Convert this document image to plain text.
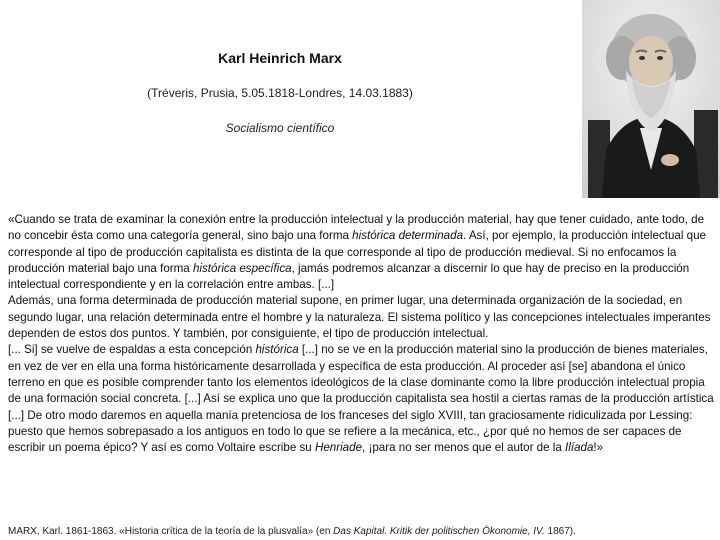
Karl Heinrich Marx
(Tréveris, Prusia, 5.05.1818-Londres, 14.03.1883)
Socialismo científico

«Cuando se trata de examinar la conexión entre la producción intelectual y la producción material, hay que tener cuidado, ante todo, de no concebir ésta como una categoría general, sino bajo una forma histórica determinada. Así, por ejemplo, la producción intelectual que corresponde al tipo de producción capitalista es distinta de la que corresponde al tipo de producción medieval. Si no enfocamos la producción material bajo una forma histórica específica, jamás podremos alcanzar a discernir lo que hay de preciso en la producción intelectual correspondiente y en la correlación entre ambas. [...]

Además, una forma determinada de producción material supone, en primer lugar, una determinada organización de la sociedad, en segundo lugar, una relación determinada entre el hombre y la naturaleza. El sistema político y las concepciones intelectuales imperantes dependen de estos dos puntos. Y también, por consiguiente, el tipo de producción intelectual.

[... Si] se vuelve de espaldas a esta concepción histórica [...] no se ve en la producción material sino la producción de bienes materiales, en vez de ver en ella una forma históricamente desarrollada y específica de esta producción. Al proceder así [se] abandona el único terreno en que es posible comprender tanto los elementos ideológicos de la clase dominante como la libre producción intelectual propia de una formación social concreta. [...] Así se explica uno que la producción capitalista sea hostil a ciertas ramas de la producción artística [...] De otro modo daremos en aquella manía pretenciosa de los franceses del siglo XVIII, tan graciosamente ridiculizada por Lessing: puesto que hemos sobrepasado a los antiguos en todo lo que se refiere a la mecánica, etc., ¿por qué no hemos de ser capaces de escribir un poema épico? Y así es como Voltaire escribe su Henriade, ¡para no ser menos que el autor de la Ilíada!»

MARX, Karl. 1861-1863. «Historia crítica de la teoría de la plusvalía» (en Das Kapital. Kritik der politischen Ökonomie, IV. 1867).
